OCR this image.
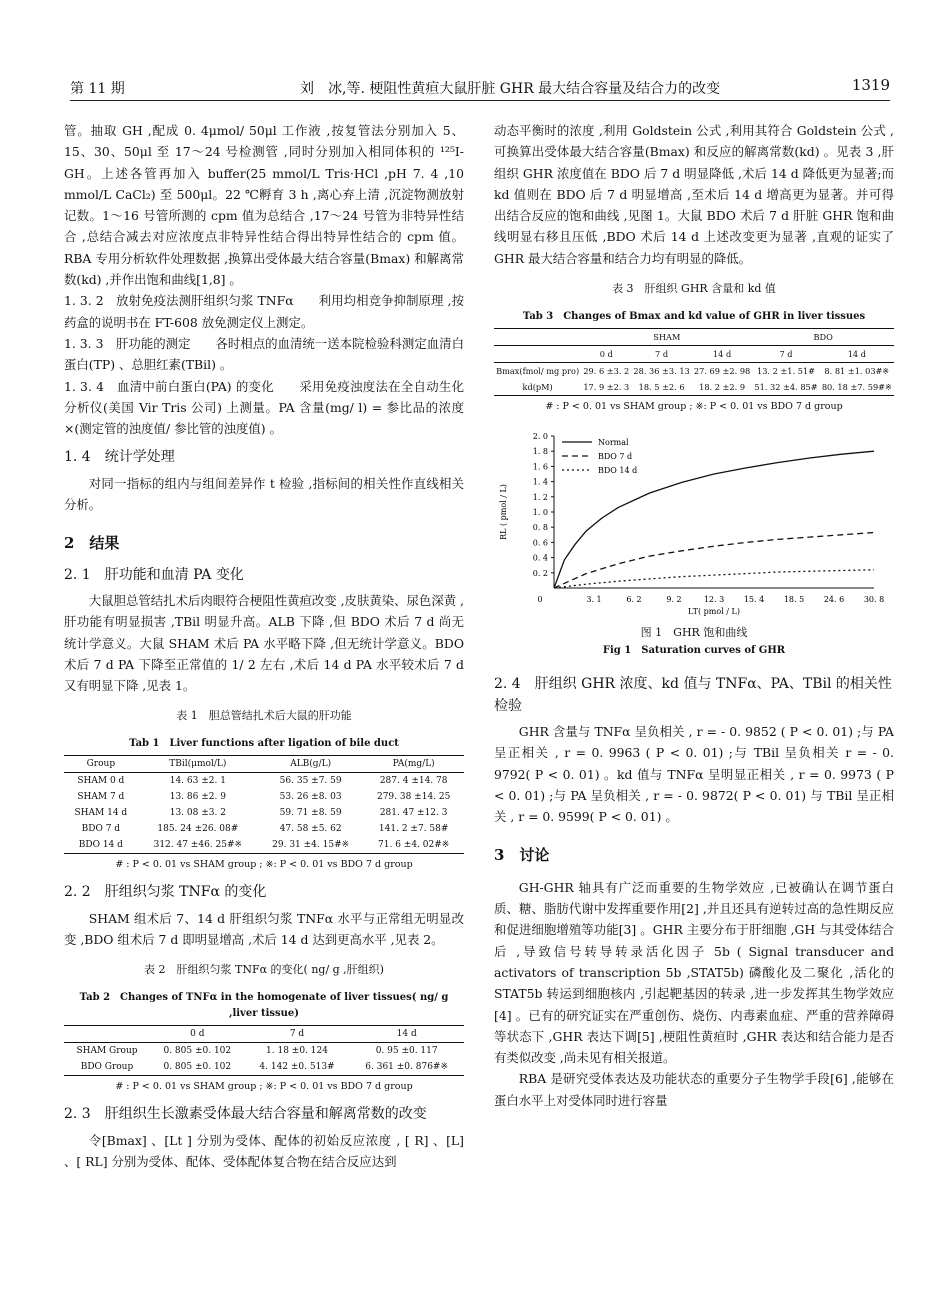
第 11 期	刘　冰,等. 梗阻性黄疸大鼠肝脏 GHR 最大结合容量及结合力的改变	1319

管。抽取 GH ,配成 0. 4μmol/ 50μl 工作液 ,按复管法分别加入 5、15、30、50μl 至 17～24 号检测管 ,同时分别加入相同体积的 ¹²⁵I-GH。上述各管再加入 buffer(25 mmol/L Tris·HCl ,pH 7. 4 ,10 mmol/L CaCl₂) 至 500μl。22 ℃孵育 3 h ,离心弃上清 ,沉淀物测放射记数。1～16 号管所测的 cpm 值为总结合 ,17～24 号管为非特异性结合 ,总结合减去对应浓度点非特异性结合得出特异性结合的 cpm 值。RBA 专用分析软件处理数据 ,换算出受体最大结合容量(Bmax) 和解离常数(kd) ,并作出饱和曲线[1,8] 。

1. 3. 2　放射免疫法测肝组织匀浆 TNFα　　利用均相竞争抑制原理 ,按药盒的说明书在 FT-608 放免测定仪上测定。

1. 3. 3　肝功能的测定　　各时相点的血清统一送本院检验科测定血清白蛋白(TP) 、总胆红素(TBil) 。

1. 3. 4　血清中前白蛋白(PA) 的变化　　采用免疫浊度法在全自动生化分析仪(美国 Vir Tris 公司) 上测量。PA 含量(mg/ l) = 参比品的浓度 ×(测定管的浊度值/ 参比管的浊度值) 。

1. 4　统计学处理

对同一指标的组内与组间差异作 t 检验 ,指标间的相关性作直线相关分析。

2　结果
2. 1　肝功能和血清 PA 变化

大鼠胆总管结扎术后肉眼符合梗阻性黄疸改变 ,皮肤黄染、尿色深黄 ,肝功能有明显损害 ,TBil 明显升高。ALB 下降 ,但 BDO 术后 7 d 尚无统计学意义。大鼠 SHAM 术后 PA 水平略下降 ,但无统计学意义。BDO 术后 7 d PA 下降至正常值的 1/ 2 左右 ,术后 14 d PA 水平较术后 7 d 又有明显下降 ,见表 1。

表 1　胆总管结扎术后大鼠的肝功能
Tab 1　Liver functions after ligation of bile duct
Group	TBil(μmol/L)	ALB(g/L)	PA(mg/L)
SHAM 0 d	14. 63 ±2. 1	56. 35 ±7. 59	287. 4 ±14. 78
SHAM 7 d	13. 86 ±2. 9	53. 26 ±8. 03	279. 38 ±14. 25
SHAM 14 d	13. 08 ±3. 2	59. 71 ±8. 59	281. 47 ±12. 3
BDO 7 d	185. 24 ±26. 08#	47. 58 ±5. 62	141. 2 ±7. 58#
BDO 14 d	312. 47 ±46. 25#※	29. 31 ±4. 15#※	71. 6 ±4. 02#※
# : P < 0. 01 vs SHAM group ; ※: P < 0. 01 vs BDO 7 d group
2. 2　肝组织匀浆 TNFα 的变化

SHAM 组术后 7、14 d 肝组织匀浆 TNFα 水平与正常组无明显改变 ,BDO 组术后 7 d 即明显增高 ,术后 14 d 达到更高水平 ,见表 2。

表 2　肝组织匀浆 TNFα 的变化( ng/ g ,肝组织)
Tab 2　Changes of TNFα in the homogenate of liver tissues( ng/ g ,liver tissue)
	0 d	7 d	14 d
SHAM Group	0. 805 ±0. 102	1. 18 ±0. 124	0. 95 ±0. 117
BDO Group	0. 805 ±0. 102	4. 142 ±0. 513#	6. 361 ±0. 876#※
# : P < 0. 01 vs SHAM group ; ※: P < 0. 01 vs BDO 7 d group
2. 3　肝组织生长激素受体最大结合容量和解离常数的改变

令[Bmax] 、[Lt ] 分别为受体、配体的初始反应浓度 , [ R] 、[L] 、[ RL] 分别为受体、配体、受体配体复合物在结合反应达到

动态平衡时的浓度 ,利用 Goldstein 公式 ,利用其符合 Goldstein 公式 ,可换算出受体最大结合容量(Bmax) 和反应的解离常数(kd) 。见表 3 ,肝组织 GHR 浓度值在 BDO 后 7 d 明显降低 ,术后 14 d 降低更为显著;而 kd 值则在 BDO 后 7 d 明显增高 ,至术后 14 d 增高更为显著。并可得出结合反应的饱和曲线 ,见图 1。大鼠 BDO 术后 7 d 肝脏 GHR 饱和曲线明显右移且压低 ,BDO 术后 14 d 上述改变更为显著 ,直观的证实了 GHR 最大结合容量和结合力均有明显的降低。

表 3　肝组织 GHR 含量和 kd 值
Tab 3　Changes of Bmax and kd value of GHR in liver tissues
	SHAM			BDO	
	0 d	7 d	14 d	7 d	14 d
Bmax(fmol/ mg pro)	29. 6 ±3. 2	28. 36 ±3. 13	27. 69 ±2. 98	13. 2 ±1. 51#	8. 81 ±1. 03#※
kd(pM)	17. 9 ±2. 3	18. 5 ±2. 6	18. 2 ±2. 9	51. 32 ±4. 85#	80. 18 ±7. 59#※
# : P < 0. 01 vs SHAM group ; ※: P < 0. 01 vs BDO 7 d group
0. 2
0. 4
0. 6
0. 8
1. 0
1. 2
1. 4
1. 6
1. 8
2. 0
0	3. 1	6. 2	9. 2	12. 3 15. 4 18. 5 24. 6 30. 8
LT( pmol / L)
RL ( pmol / L)
Normal
BDO 7 d
BDO 14 d
图 1　GHR 饱和曲线
Fig 1　Saturation curves of GHR
2. 4　肝组织 GHR 浓度、kd 值与 TNFα、PA、TBil 的相关性检验

GHR 含量与 TNFα 呈负相关 , r = - 0. 9852 ( P < 0. 01) ;与 PA 呈正相关 , r = 0. 9963 ( P < 0. 01) ;与 TBil 呈负相关 r = - 0. 9792( P < 0. 01) 。kd 值与 TNFα 呈明显正相关 , r = 0. 9973 ( P < 0. 01) ;与 PA 呈负相关 , r = - 0. 9872( P < 0. 01) 与 TBil 呈正相关 , r = 0. 9599( P < 0. 01) 。

3　讨论

GH-GHR 轴具有广泛而重要的生物学效应 ,已被确认在调节蛋白质、糖、脂肪代谢中发挥重要作用[2] ,并且还具有逆转过高的急性期反应和促进细胞增殖等功能[3] 。GHR 主要分布于肝细胞 ,GH 与其受体结合后 ,导致信号转导转录活化因子 5b ( Signal transducer and activators of transcription 5b ,STAT5b) 磷酸化及二聚化 ,活化的 STAT5b 转运到细胞核内 ,引起靶基因的转录 ,进一步发挥其生物学效应[4] 。已有的研究证实在严重创伤、烧伤、内毒素血症、严重的营养障碍等状态下 ,GHR 表达下调[5] ,梗阻性黄疸时 ,GHR 表达和结合能力是否有类似改变 ,尚未见有相关报道。

RBA 是研究受体表达及功能状态的重要分子生物学手段[6] ,能够在蛋白水平上对受体同时进行容量
